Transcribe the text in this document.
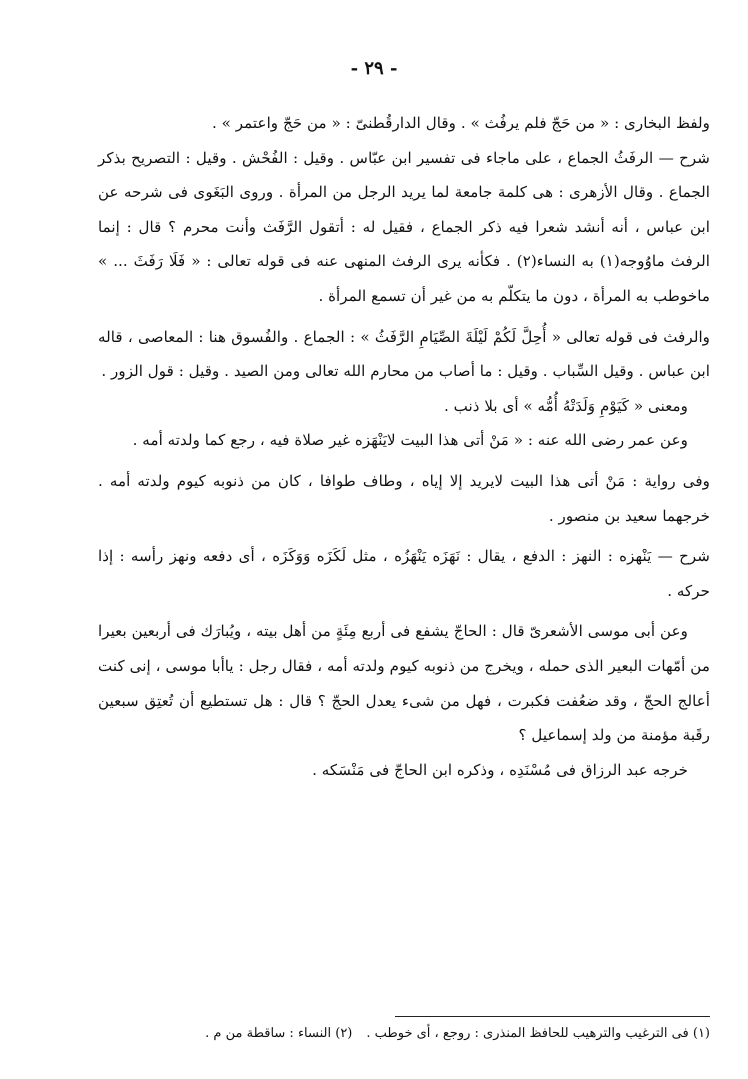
- ٢٩ -

ولفظ البخارى : « من حَجّ فلم يرفُث » . وقال الدارقُطنىّ : « من حَجّ واعتمر » .

شرح — الرفَثُ الجماع ، على ماجاء فى تفسير ابن عبّاس . وقيل : الفُحْش . وقيل : التصريح بذكر الجماع . وقال الأزهرى : هى كلمة جامعة لما يريد الرجل من المرأة . وروى البَغَوى فى شرحه عن ابن عباس ، أنه أنشد شعرا فيه ذكر الجماع ، فقيل له : أتقول الرَّفَث وأنت محرم ؟ قال : إنما الرفث ماوُوجه(١) به النساء(٢) . فكأنه يرى الرفث المنهى عنه فى قوله تعالى : « فَلَا رَفَثَ ... » ماخوطب به المرأة ، دون ما يتكلّم به من غير أن تسمع المرأة .

والرفث فى قوله تعالى « أُحِلَّ لَكُمْ لَيْلَةَ الصِّيَامِ الرَّفَثُ » : الجماع . والفُسوق هنا : المعاصى ، قاله ابن عباس . وقيل السِّباب . وقيل : ما أصاب من محارم الله تعالى ومن الصيد . وقيل : قول الزور .

ومعنى « كَيَوْمِ وَلَدَتْهُ أُمُّه » أى بلا ذنب .

وعن عمر رضى الله عنه : « مَنْ أتى هذا البيت لايَنْهَزه غير صلاة فيه ، رجع كما ولدته أمه .

وفى رواية : مَنْ أتى هذا البيت لايريد إلا إياه ، وطاف طوافا ، كان من ذنوبه كيوم ولدته أمه . خرجهما سعيد بن منصور .

شرح — يَنْهزه : النهز : الدفع ، يقال : نَهَزَه يَنْهَزُه ، مثل لَكَزَه وَوَكَزَه ، أى دفعه ونهز رأسه : إذا حركه .

وعن أبى موسى الأشعرىّ قال : الحاجّ يشفع فى أربع مِئَةٍ من أهل بيته ، ويُبارَك فى أربعين بعيرا من أمّهات البعير الذى حمله ، ويخرج من ذنوبه كيوم ولدته أمه ، فقال رجل : ياأبا موسى ، إنى كنت أعالج الحجّ ، وقد ضعُفت فكبرت ، فهل من شىء يعدل الحجّ ؟ قال : هل تستطيع أن تُعتِق سبعين رقَبة مؤمنة من ولد إسماعيل ؟

خرجه عبد الرزاق فى مُسْنَدِه ، وذكره ابن الحاجّ فى مَنْسَكه .

(١) فى الترغيب والترهيب للحافظ المنذرى : روجع ، أى خوطب .(٢) النساء : ساقطة من م .
